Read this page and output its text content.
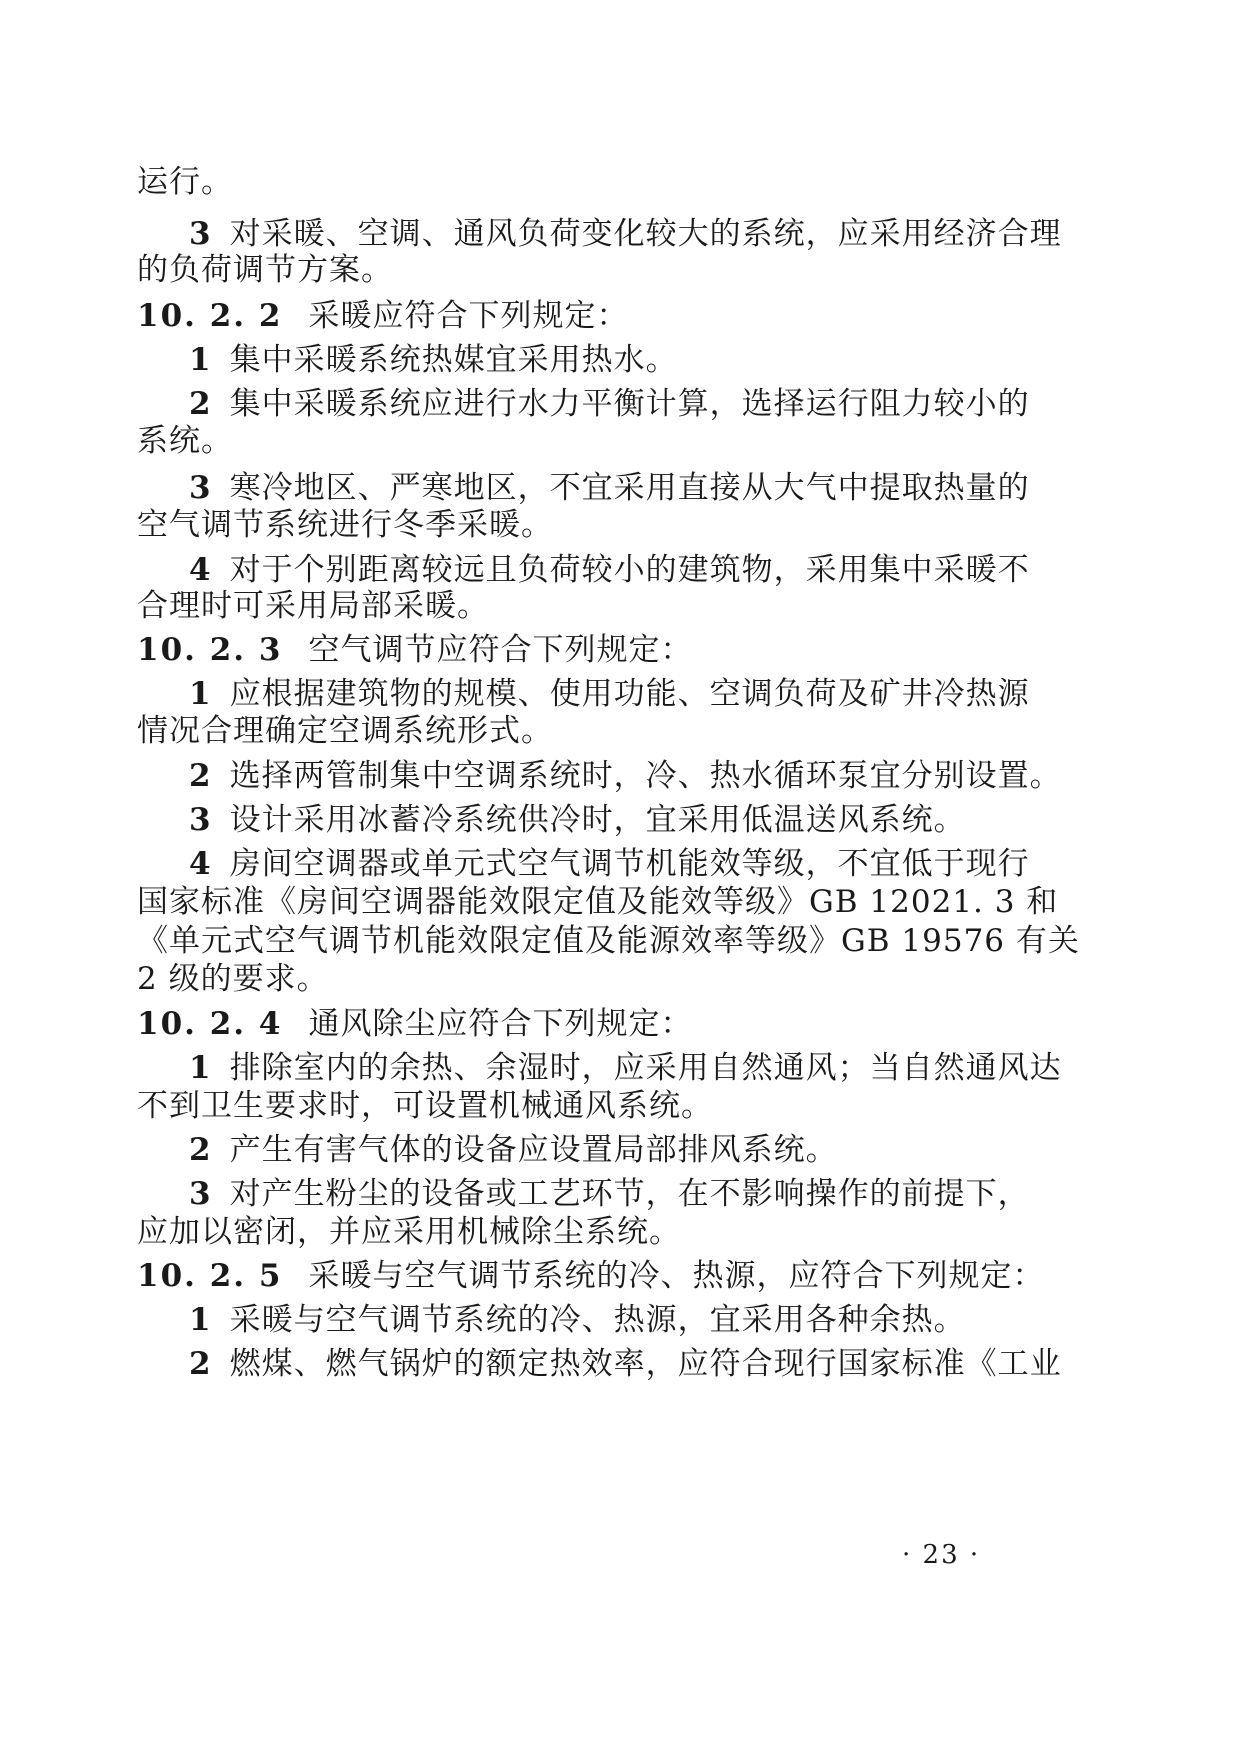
运行。
3 对采暖、空调、通风负荷变化较大的系统，应采用经济合理
的负荷调节方案。
10. 2. 2 采暖应符合下列规定：
1 集中采暖系统热媒宜采用热水。
2 集中采暖系统应进行水力平衡计算，选择运行阻力较小的
系统。
3 寒冷地区、严寒地区，不宜采用直接从大气中提取热量的
空气调节系统进行冬季采暖。
4 对于个别距离较远且负荷较小的建筑物，采用集中采暖不
合理时可采用局部采暖。
10. 2. 3 空气调节应符合下列规定：
1 应根据建筑物的规模、使用功能、空调负荷及矿井冷热源
情况合理确定空调系统形式。
2 选择两管制集中空调系统时，冷、热水循环泵宜分别设置。
3 设计采用冰蓄冷系统供冷时，宜采用低温送风系统。
4 房间空调器或单元式空气调节机能效等级，不宜低于现行
国家标准《房间空调器能效限定值及能效等级》GB 12021. 3 和
《单元式空气调节机能效限定值及能源效率等级》GB 19576 有关
2 级的要求。
10. 2. 4 通风除尘应符合下列规定：
1 排除室内的余热、余湿时，应采用自然通风；当自然通风达
不到卫生要求时，可设置机械通风系统。
2 产生有害气体的设备应设置局部排风系统。
3 对产生粉尘的设备或工艺环节，在不影响操作的前提下，
应加以密闭，并应采用机械除尘系统。
10. 2. 5 采暖与空气调节系统的冷、热源，应符合下列规定：
1 采暖与空气调节系统的冷、热源，宜采用各种余热。
2 燃煤、燃气锅炉的额定热效率，应符合现行国家标准《工业
· 23 ·
